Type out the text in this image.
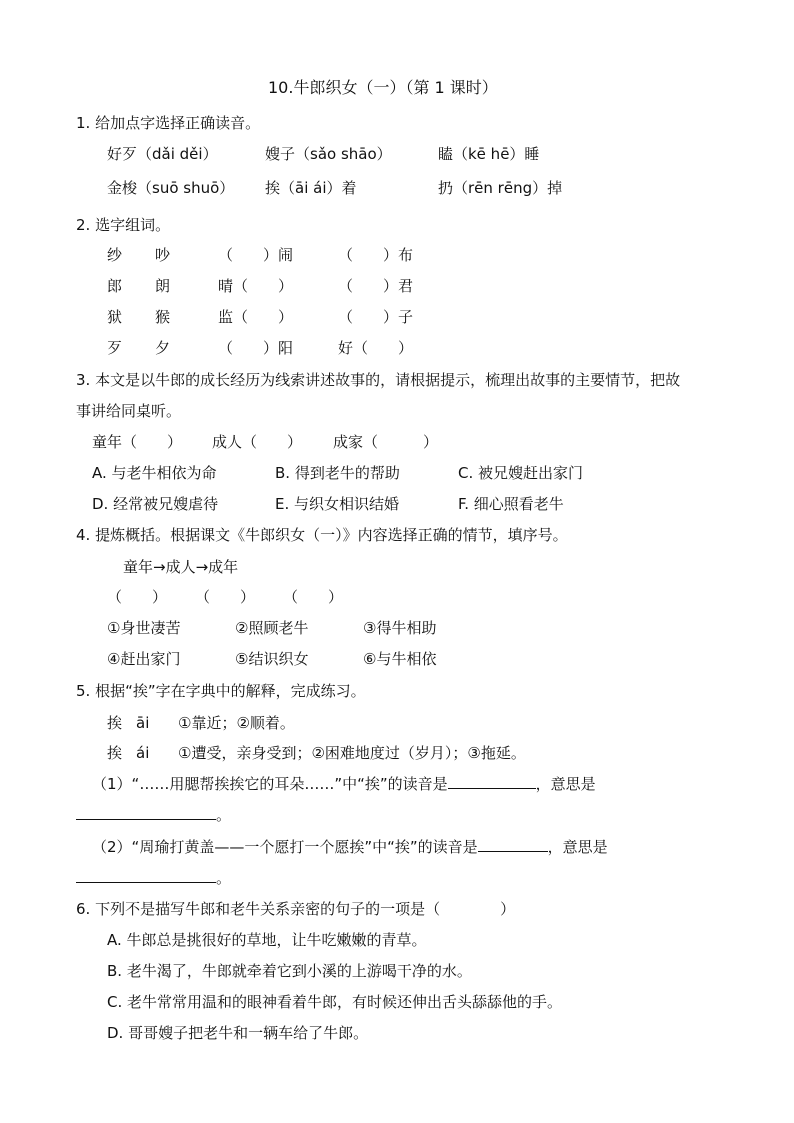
10.牛郎织女（一）（第 1 课时）
1. 给加点字选择正确读音。
好歹（dǎi děi）	嫂子（sǎo shāo）	瞌（kē hē）睡
金梭（suō shuō） 挨（āi ái）着	扔（rēn rēng）掉
2. 选字组词。
纱 吵	（　　）闹	（　　）布
郎 朗	晴（　　）	（　　）君
狱 猴	监（　　）	（　　）子
歹 夕	（　　）阳	好（　　）
3. 本文是以牛郎的成长经历为线索讲述故事的，请根据提示，梳理出故事的主要情节，把故
事讲给同桌听。
童年（　　） 成人（　　） 成家（　　　）
A. 与老牛相依为命	B. 得到老牛的帮助	C. 被兄嫂赶出家门
D. 经常被兄嫂虐待	E. 与织女相识结婚	F. 细心照看老牛
4. 提炼概括。根据课文《牛郎织女（一）》内容选择正确的情节，填序号。
童年→成人→成年
（　　） （　　） （　　）
①身世凄苦	②照顾老牛	③得牛相助
④赶出家门	⑤结识织女	⑥与牛相依
5. 根据“挨”字在字典中的解释，完成练习。
挨 āi ①靠近；②顺着。
挨 ái ①遭受，亲身受到；②困难地度过（岁月）；③拖延。
（1）“……用腮帮挨挨它的耳朵……”中“挨”的读音是	，意思是
。
（2）“周瑜打黄盖——一个愿打一个愿挨”中“挨”的读音是	，意思是
。
6. 下列不是描写牛郎和老牛关系亲密的句子的一项是（　　　　）
A. 牛郎总是挑很好的草地，让牛吃嫩嫩的青草。
B. 老牛渴了，牛郎就牵着它到小溪的上游喝干净的水。
C. 老牛常常用温和的眼神看着牛郎，有时候还伸出舌头舔舔他的手。
D. 哥哥嫂子把老牛和一辆车给了牛郎。
